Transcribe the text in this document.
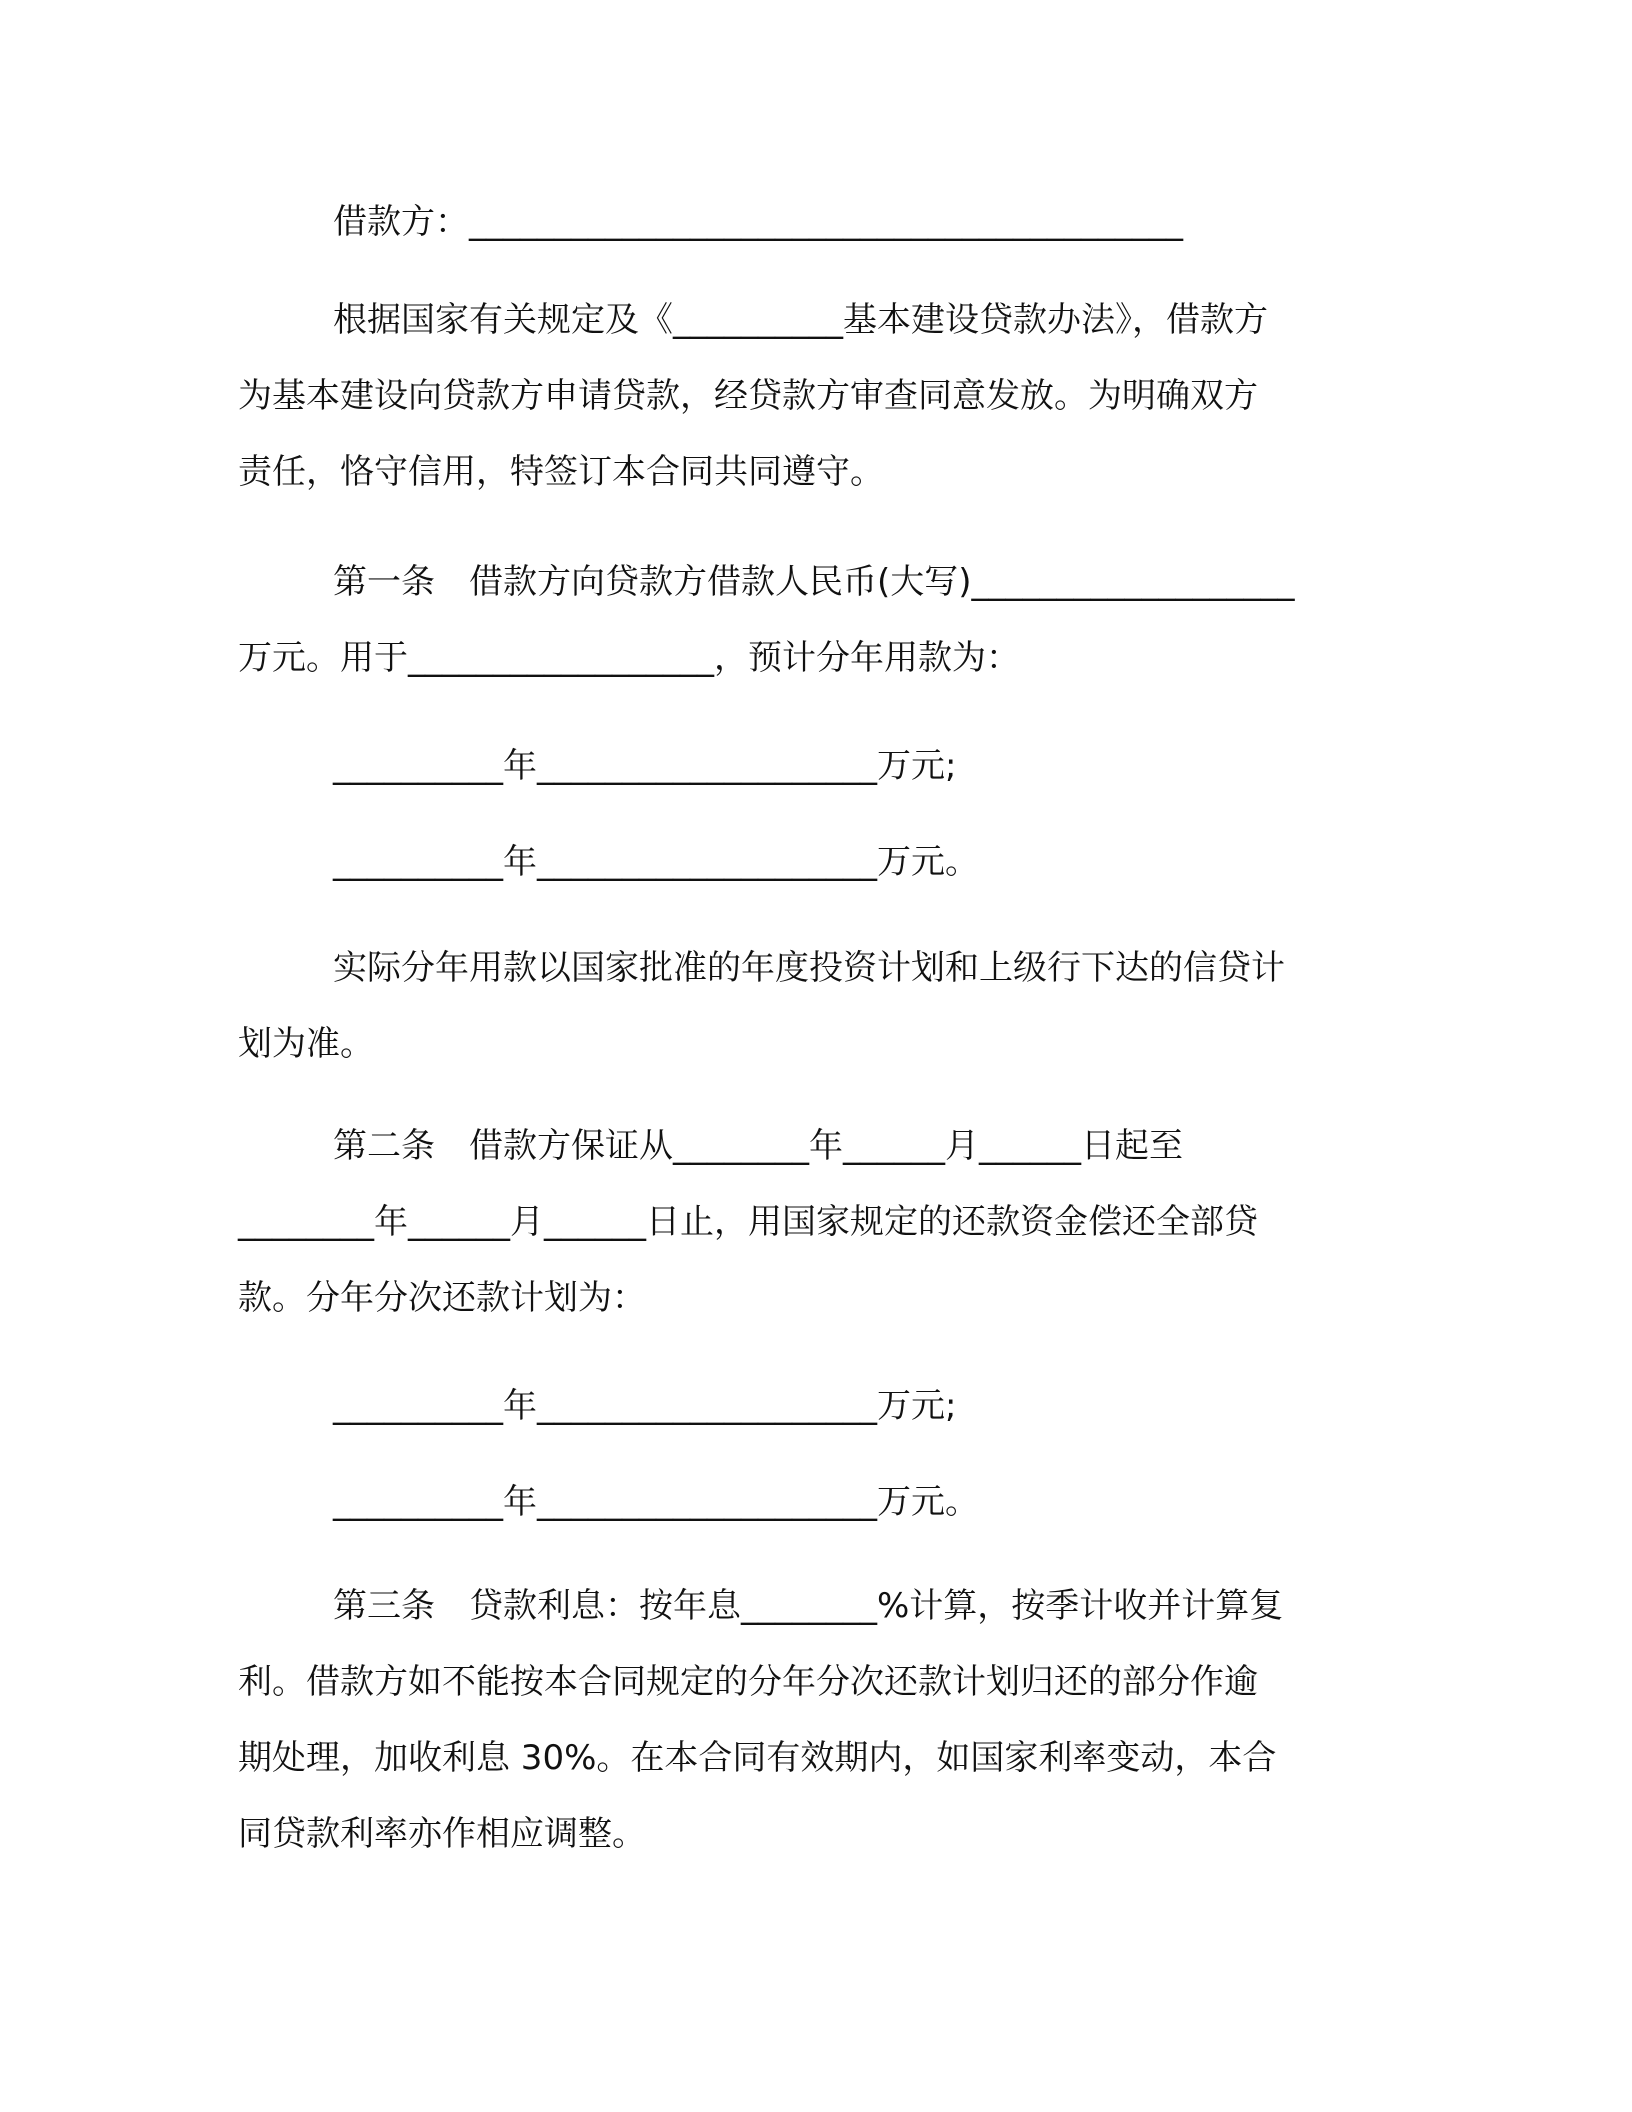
借款方：__________________________________________
根据国家有关规定及《__________基本建设贷款办法》，借款方
为基本建设向贷款方申请贷款，经贷款方审查同意发放。为明确双方
责任，恪守信用，特签订本合同共同遵守。
第一条　借款方向贷款方借款人民币(大写)___________________
万元。用于__________________，预计分年用款为：
__________年____________________万元;
__________年____________________万元。
实际分年用款以国家批准的年度投资计划和上级行下达的信贷计
划为准。
第二条　借款方保证从________年______月______日起至
________年______月______日止，用国家规定的还款资金偿还全部贷
款。分年分次还款计划为：
__________年____________________万元;
__________年____________________万元。
第三条　贷款利息：按年息________%计算，按季计收并计算复
利。借款方如不能按本合同规定的分年分次还款计划归还的部分作逾
期处理，加收利息 30%。在本合同有效期内，如国家利率变动，本合
同贷款利率亦作相应调整。
